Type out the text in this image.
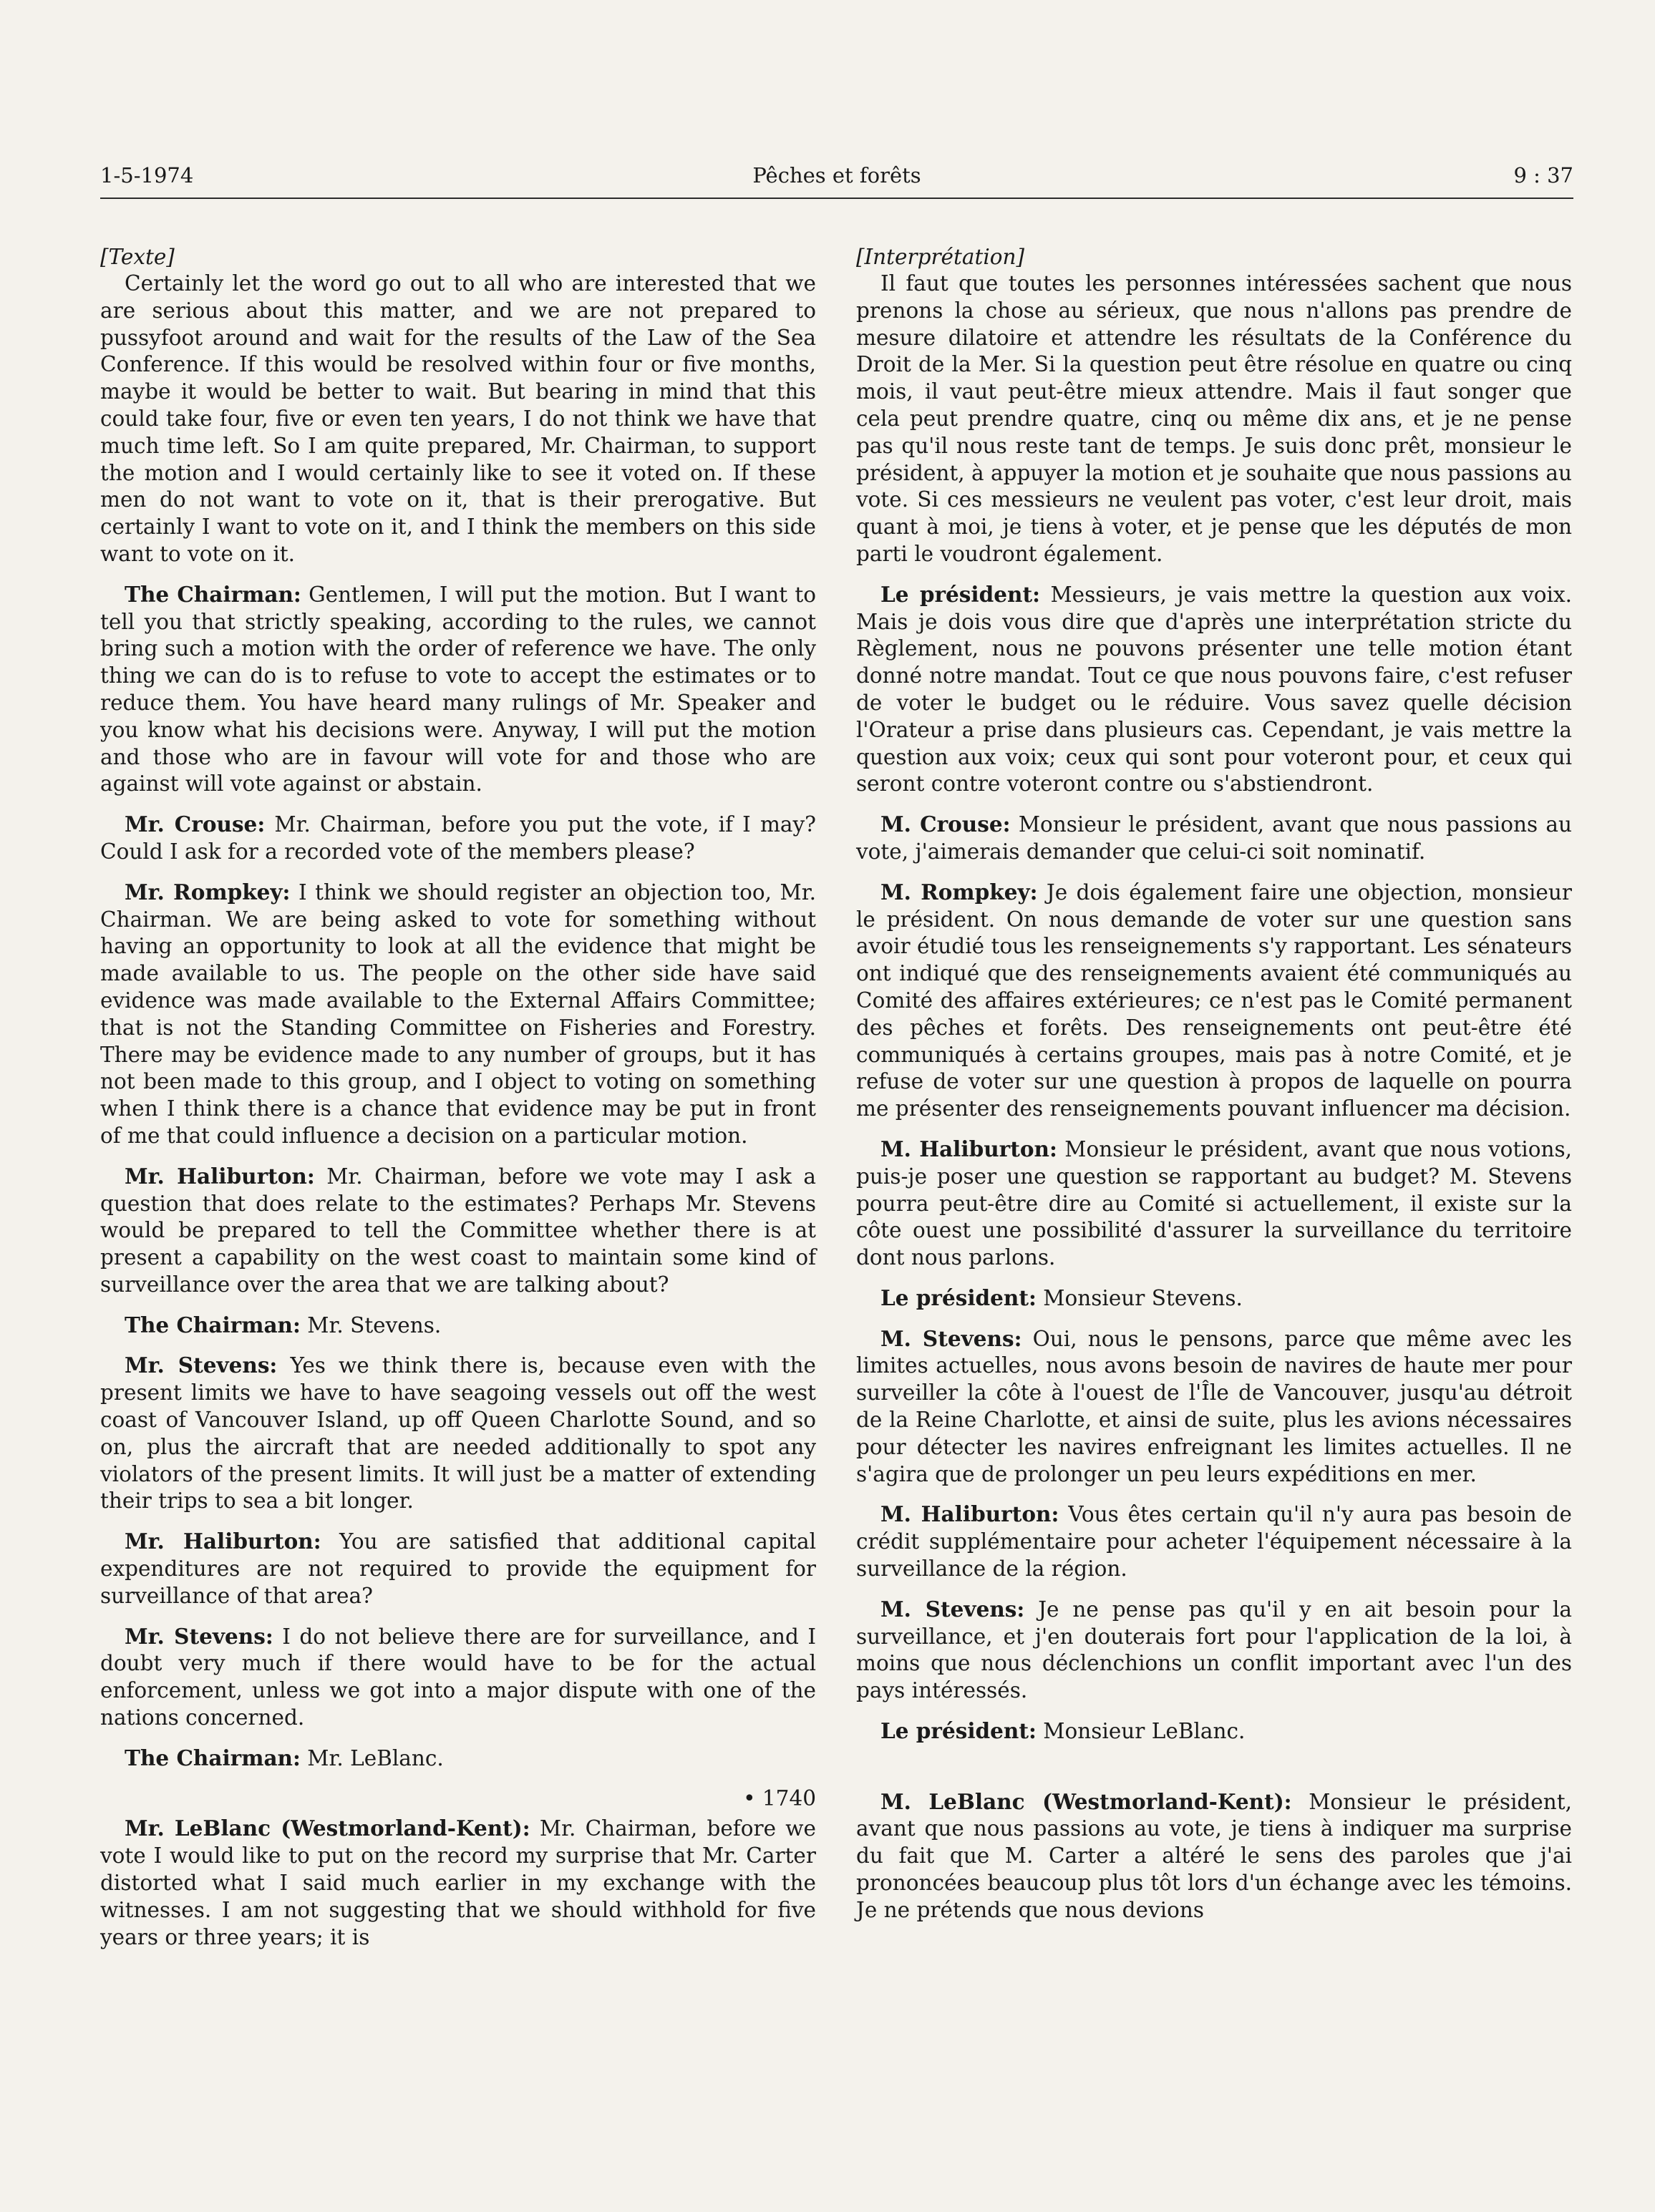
1-5-1974	Pêches et forêts	9 : 37
[Texte]

Certainly let the word go out to all who are interested that we are serious about this matter, and we are not prepared to pussyfoot around and wait for the results of the Law of the Sea Conference. If this would be resolved within four or five months, maybe it would be better to wait. But bearing in mind that this could take four, five or even ten years, I do not think we have that much time left. So I am quite prepared, Mr. Chairman, to support the motion and I would certainly like to see it voted on. If these men do not want to vote on it, that is their prerogative. But certainly I want to vote on it, and I think the members on this side want to vote on it.

The Chairman: Gentlemen, I will put the motion. But I want to tell you that strictly speaking, according to the rules, we cannot bring such a motion with the order of reference we have. The only thing we can do is to refuse to vote to accept the estimates or to reduce them. You have heard many rulings of Mr. Speaker and you know what his decisions were. Anyway, I will put the motion and those who are in favour will vote for and those who are against will vote against or abstain.

Mr. Crouse: Mr. Chairman, before you put the vote, if I may? Could I ask for a recorded vote of the members please?

Mr. Rompkey: I think we should register an objection too, Mr. Chairman. We are being asked to vote for something without having an opportunity to look at all the evidence that might be made available to us. The people on the other side have said evidence was made available to the External Affairs Committee; that is not the Standing Committee on Fisheries and Forestry. There may be evidence made to any number of groups, but it has not been made to this group, and I object to voting on something when I think there is a chance that evidence may be put in front of me that could influence a decision on a particular motion.

Mr. Haliburton: Mr. Chairman, before we vote may I ask a question that does relate to the estimates? Perhaps Mr. Stevens would be prepared to tell the Committee whether there is at present a capability on the west coast to maintain some kind of surveillance over the area that we are talking about?

The Chairman: Mr. Stevens.

Mr. Stevens: Yes we think there is, because even with the present limits we have to have seagoing vessels out off the west coast of Vancouver Island, up off Queen Charlotte Sound, and so on, plus the aircraft that are needed additionally to spot any violators of the present limits. It will just be a matter of extending their trips to sea a bit longer.

Mr. Haliburton: You are satisfied that additional capital expenditures are not required to provide the equipment for surveillance of that area?

Mr. Stevens: I do not believe there are for surveillance, and I doubt very much if there would have to be for the actual enforcement, unless we got into a major dispute with one of the nations concerned.

The Chairman: Mr. LeBlanc.

• 1740

Mr. LeBlanc (Westmorland-Kent): Mr. Chairman, before we vote I would like to put on the record my surprise that Mr. Carter distorted what I said much earlier in my exchange with the witnesses. I am not suggesting that we should withhold for five years or three years; it is

[Interprétation]

Il faut que toutes les personnes intéressées sachent que nous prenons la chose au sérieux, que nous n'allons pas prendre de mesure dilatoire et attendre les résultats de la Conférence du Droit de la Mer. Si la question peut être résolue en quatre ou cinq mois, il vaut peut-être mieux attendre. Mais il faut songer que cela peut prendre quatre, cinq ou même dix ans, et je ne pense pas qu'il nous reste tant de temps. Je suis donc prêt, monsieur le président, à appuyer la motion et je souhaite que nous passions au vote. Si ces messieurs ne veulent pas voter, c'est leur droit, mais quant à moi, je tiens à voter, et je pense que les députés de mon parti le voudront également.

Le président: Messieurs, je vais mettre la question aux voix. Mais je dois vous dire que d'après une interprétation stricte du Règlement, nous ne pouvons présenter une telle motion étant donné notre mandat. Tout ce que nous pouvons faire, c'est refuser de voter le budget ou le réduire. Vous savez quelle décision l'Orateur a prise dans plusieurs cas. Cependant, je vais mettre la question aux voix; ceux qui sont pour voteront pour, et ceux qui seront contre voteront contre ou s'abstiendront.

M. Crouse: Monsieur le président, avant que nous passions au vote, j'aimerais demander que celui-ci soit nominatif.

M. Rompkey: Je dois également faire une objection, monsieur le président. On nous demande de voter sur une question sans avoir étudié tous les renseignements s'y rapportant. Les sénateurs ont indiqué que des renseignements avaient été communiqués au Comité des affaires extérieures; ce n'est pas le Comité permanent des pêches et forêts. Des renseignements ont peut-être été communiqués à certains groupes, mais pas à notre Comité, et je refuse de voter sur une question à propos de laquelle on pourra me présenter des renseignements pouvant influencer ma décision.

M. Haliburton: Monsieur le président, avant que nous votions, puis-je poser une question se rapportant au budget? M. Stevens pourra peut-être dire au Comité si actuellement, il existe sur la côte ouest une possibilité d'assurer la surveillance du territoire dont nous parlons.

Le président: Monsieur Stevens.

M. Stevens: Oui, nous le pensons, parce que même avec les limites actuelles, nous avons besoin de navires de haute mer pour surveiller la côte à l'ouest de l'Île de Vancouver, jusqu'au détroit de la Reine Charlotte, et ainsi de suite, plus les avions nécessaires pour détecter les navires enfreignant les limites actuelles. Il ne s'agira que de prolonger un peu leurs expéditions en mer.

M. Haliburton: Vous êtes certain qu'il n'y aura pas besoin de crédit supplémentaire pour acheter l'équipement nécessaire à la surveillance de la région.

M. Stevens: Je ne pense pas qu'il y en ait besoin pour la surveillance, et j'en douterais fort pour l'application de la loi, à moins que nous déclenchions un conflit important avec l'un des pays intéressés.

Le président: Monsieur LeBlanc.

M. LeBlanc (Westmorland-Kent): Monsieur le président, avant que nous passions au vote, je tiens à indiquer ma surprise du fait que M. Carter a altéré le sens des paroles que j'ai prononcées beaucoup plus tôt lors d'un échange avec les témoins. Je ne prétends que nous devions
